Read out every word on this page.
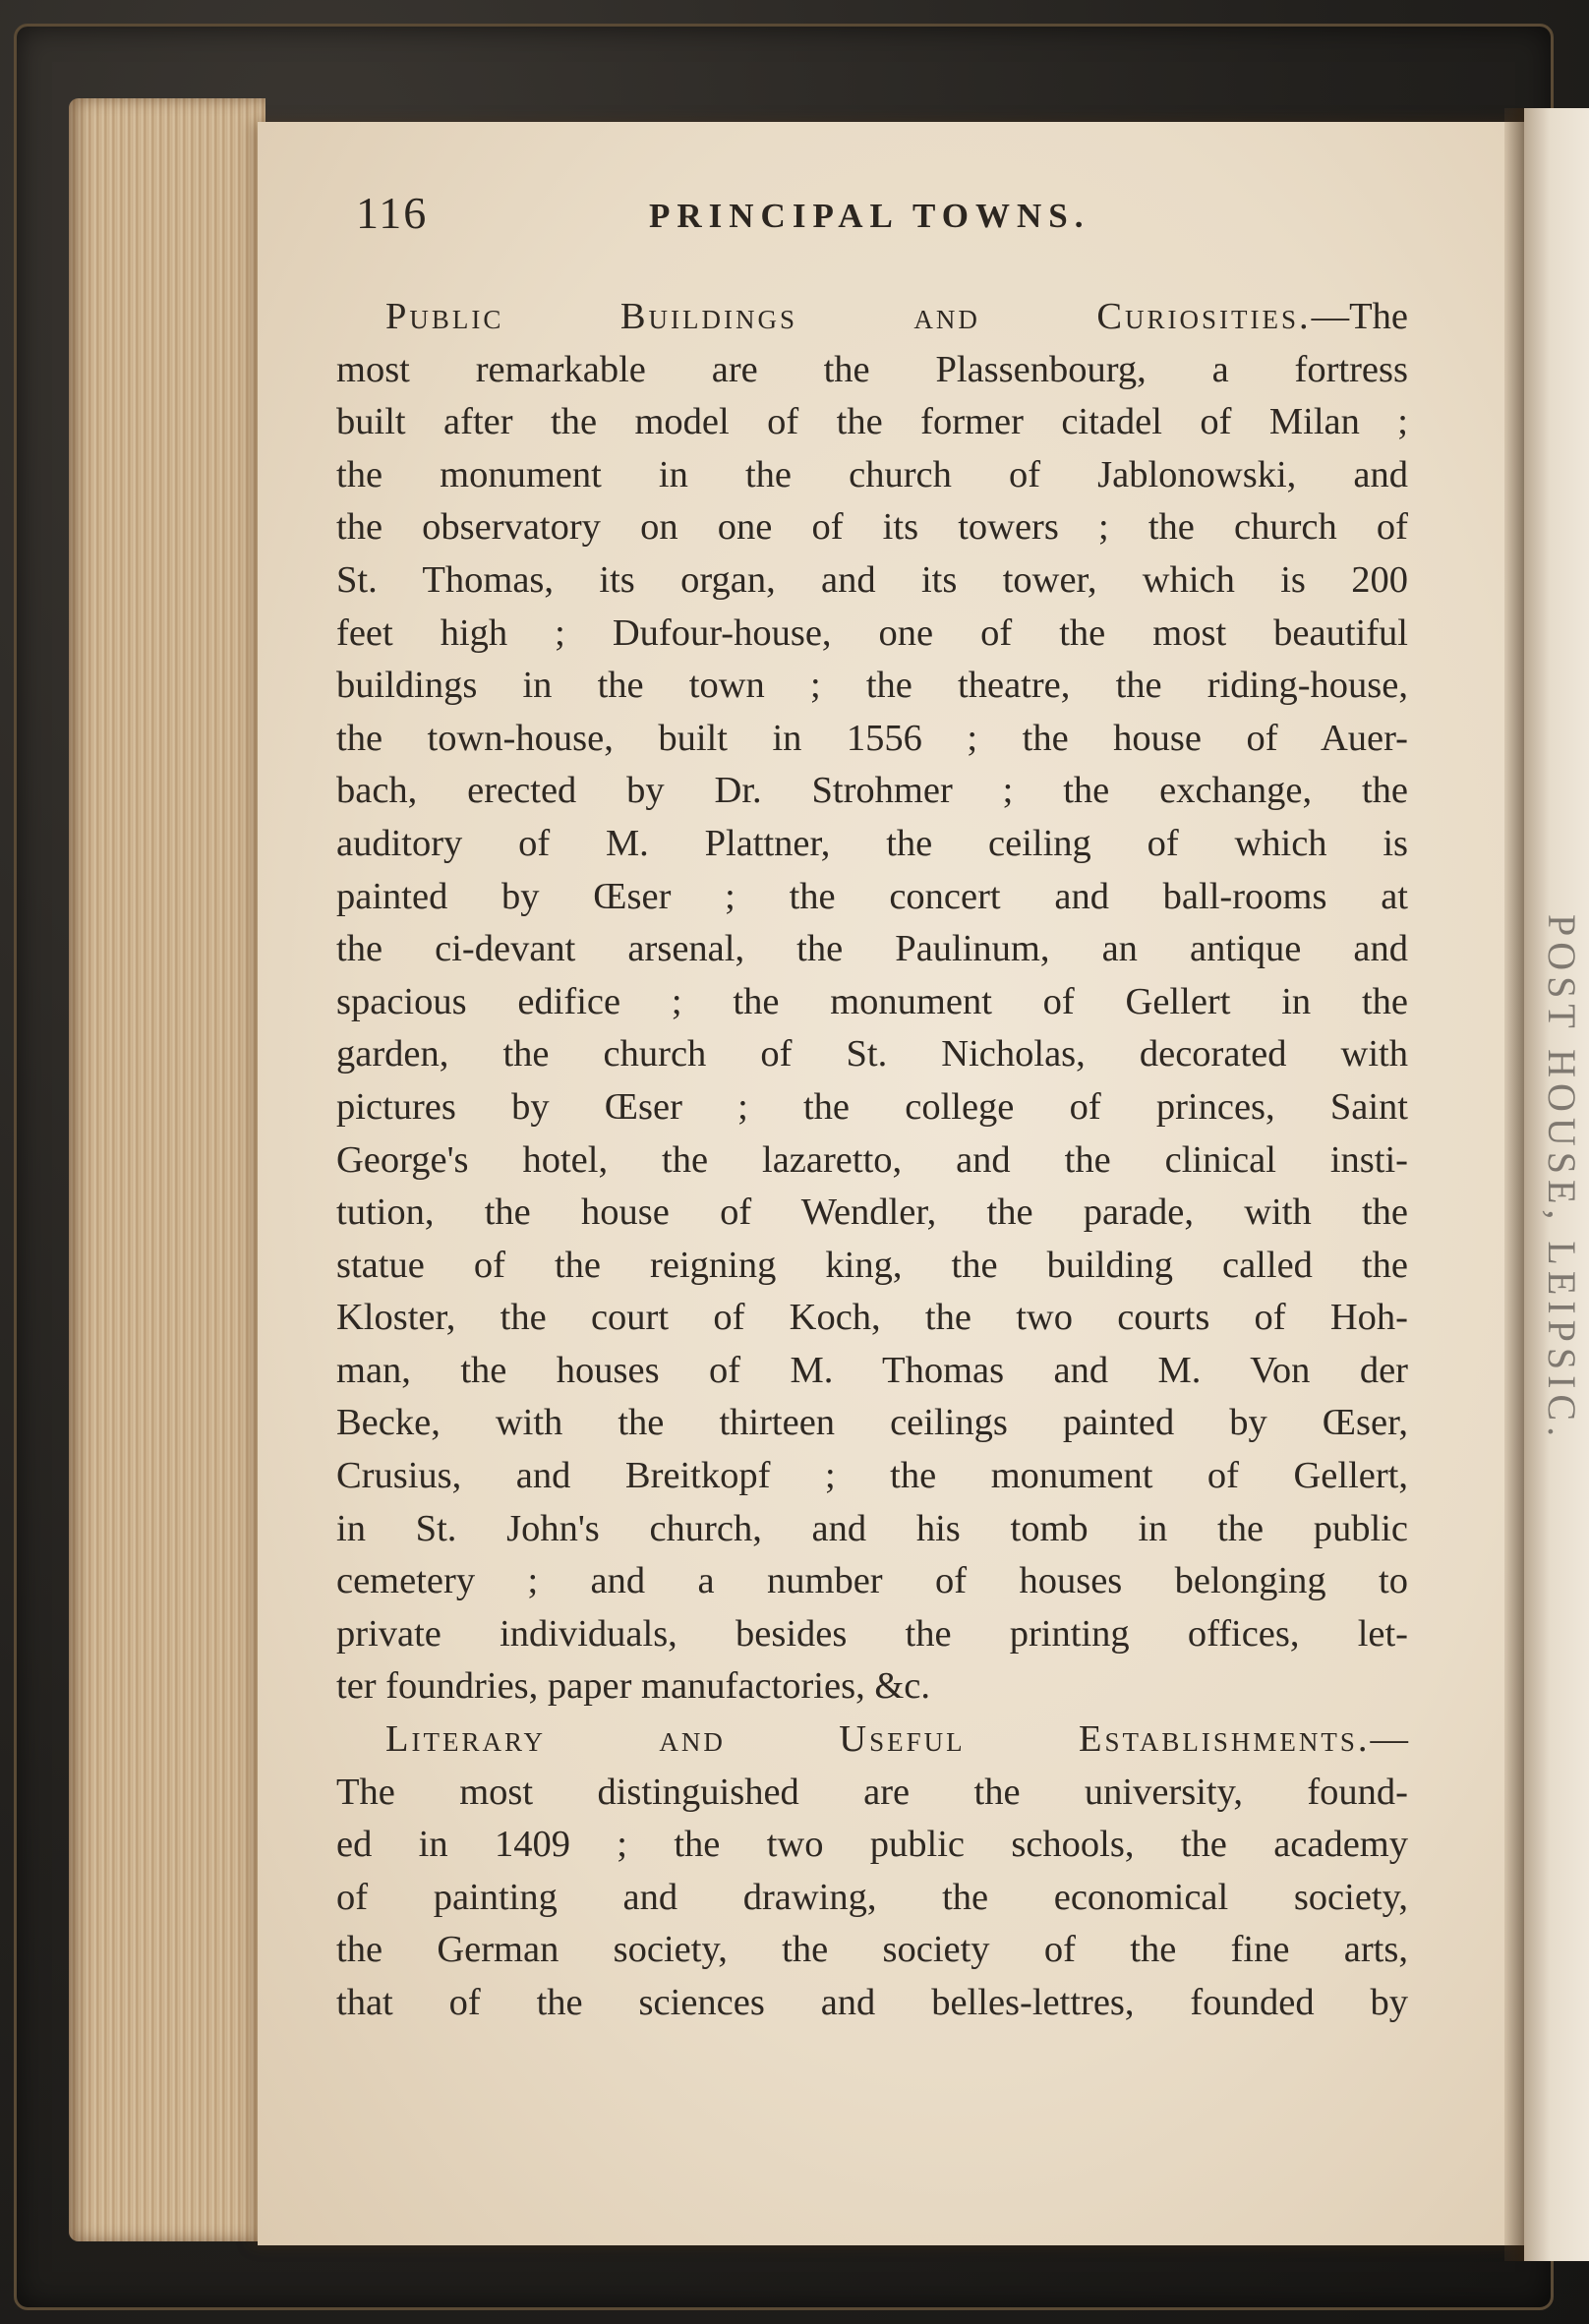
POST HOUSE, LEIPSIC.
116	PRINCIPAL TOWNS.
Public Buildings and Curiosities.—The
most remarkable are the Plassenbourg, a fortress
built after the model of the former citadel of Milan ;
the monument in the church of Jablonowski, and
the observatory on one of its towers ; the church of
St. Thomas, its organ, and its tower, which is 200
feet high ; Dufour-house, one of the most beautiful
buildings in the town ; the theatre, the riding-house,
the town-house, built in 1556 ; the house of Auer-
bach, erected by Dr. Strohmer ; the exchange, the
auditory of M. Plattner, the ceiling of which is
painted by Œser ; the concert and ball-rooms at
the ci-devant arsenal, the Paulinum, an antique and
spacious edifice ; the monument of Gellert in the
garden, the church of St. Nicholas, decorated with
pictures by Œser ; the college of princes, Saint
George's hotel, the lazaretto, and the clinical insti-
tution, the house of Wendler, the parade, with the
statue of the reigning king, the building called the
Kloster, the court of Koch, the two courts of Hoh-
man, the houses of M. Thomas and M. Von der
Becke, with the thirteen ceilings painted by Œser,
Crusius, and Breitkopf ; the monument of Gellert,
in St. John's church, and his tomb in the public
cemetery ; and a number of houses belonging to
private individuals, besides the printing offices, let-
ter foundries, paper manufactories, &c.
Literary and Useful Establishments.—
The most distinguished are the university, found-
ed in 1409 ; the two public schools, the academy
of painting and drawing, the economical society,
the German society, the society of the fine arts,
that of the sciences and belles-lettres, founded by
